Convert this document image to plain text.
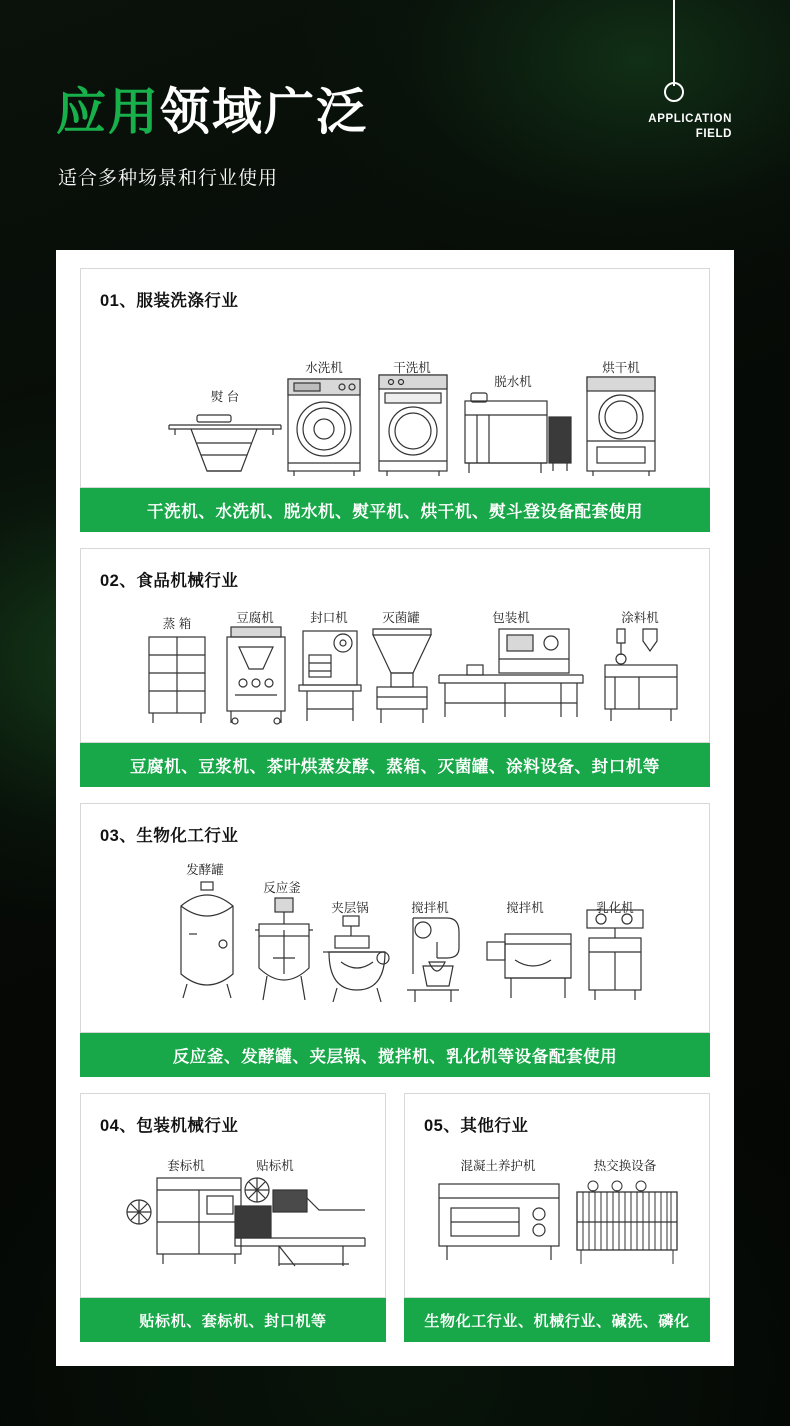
应用领域广泛
适合多种场景和行业使用
APPLICATION
FIELD
01、服装洗涤行业
熨 台
水洗机	干洗机
脱水机
烘干机
干洗机、水洗机、脱水机、熨平机、烘干机、熨斗登设备配套使用
02、食品机械行业
蒸 箱	豆腐机	封口机	灭菌罐	包装机	涂料机
豆腐机、豆浆机、茶叶烘蒸发酵、蒸箱、灭菌罐、涂料设备、封口机等
03、生物化工行业
发酵罐
反应釜
夹层锅	搅拌机	搅拌机	乳化机
反应釜、发酵罐、夹层锅、搅拌机、乳化机等设备配套使用
04、包装机械行业
套标机	贴标机
贴标机、套标机、封口机等
05、其他行业
混凝土养护机	热交换设备
生物化工行业、机械行业、碱洗、磷化
